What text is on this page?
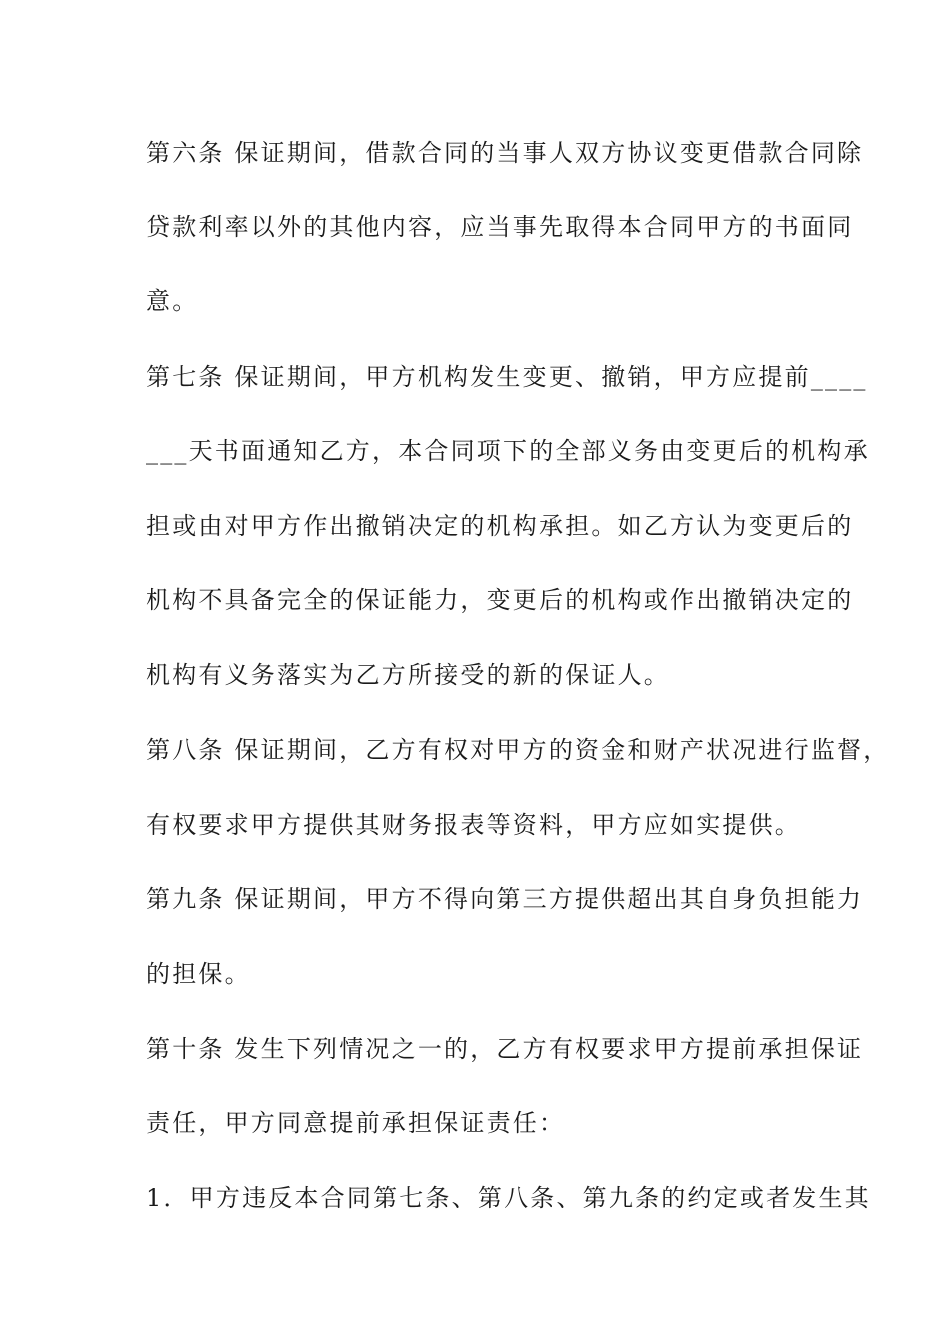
第六条 保证期间，借款合同的当事人双方协议变更借款合同除
贷款利率以外的其他内容，应当事先取得本合同甲方的书面同
意。
第七条 保证期间，甲方机构发生变更、撤销，甲方应提前____
___天书面通知乙方，本合同项下的全部义务由变更后的机构承
担或由对甲方作出撤销决定的机构承担。如乙方认为变更后的
机构不具备完全的保证能力，变更后的机构或作出撤销决定的
机构有义务落实为乙方所接受的新的保证人。
第八条 保证期间，乙方有权对甲方的资金和财产状况进行监督，
有权要求甲方提供其财务报表等资料，甲方应如实提供。
第九条 保证期间，甲方不得向第三方提供超出其自身负担能力
的担保。
第十条 发生下列情况之一的，乙方有权要求甲方提前承担保证
责任，甲方同意提前承担保证责任：
1．甲方违反本合同第七条、第八条、第九条的约定或者发生其
